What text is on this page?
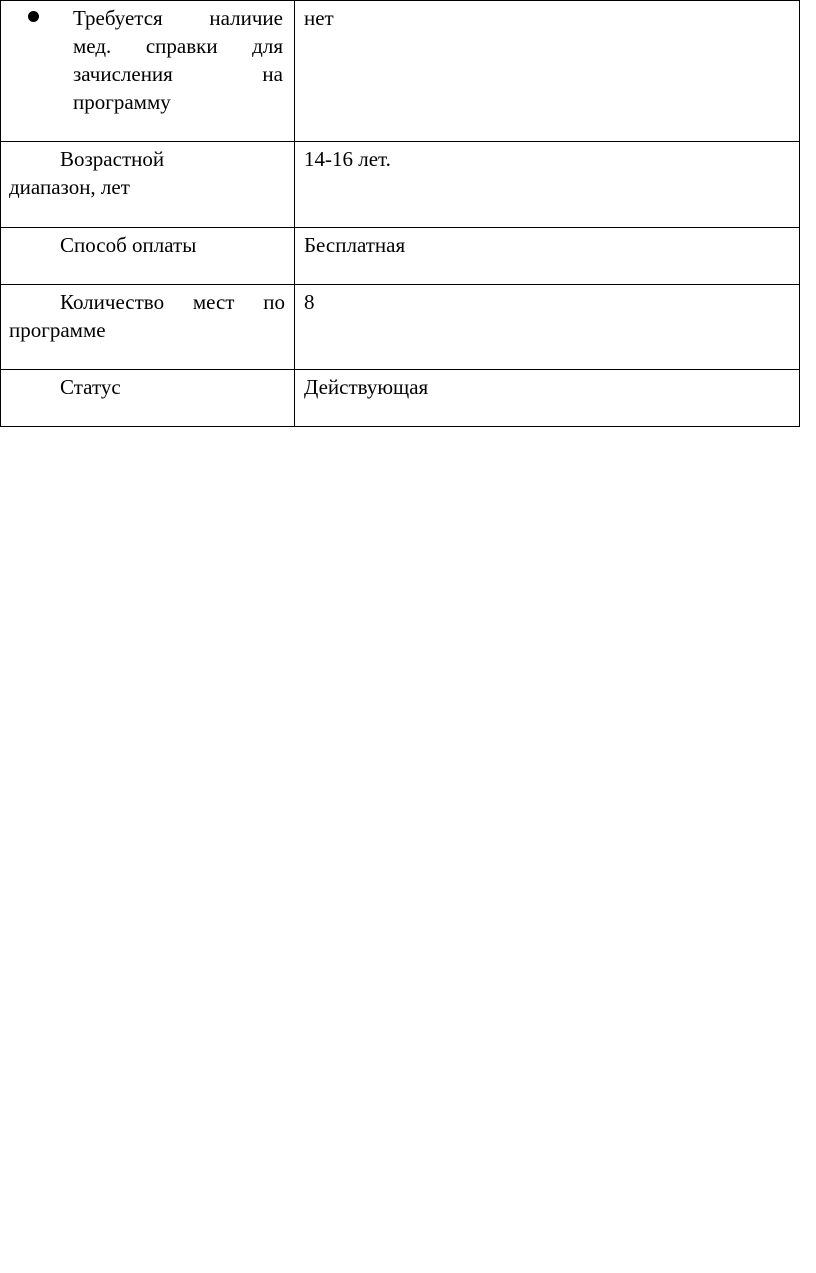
Требуется наличие
мед. справки для
зачисления на
программу	нет

Возрастной
диапазон, лет	14-16 лет.

Способ оплаты	Бесплатная

Количество мест по
программе	8

Статус	Действующая
